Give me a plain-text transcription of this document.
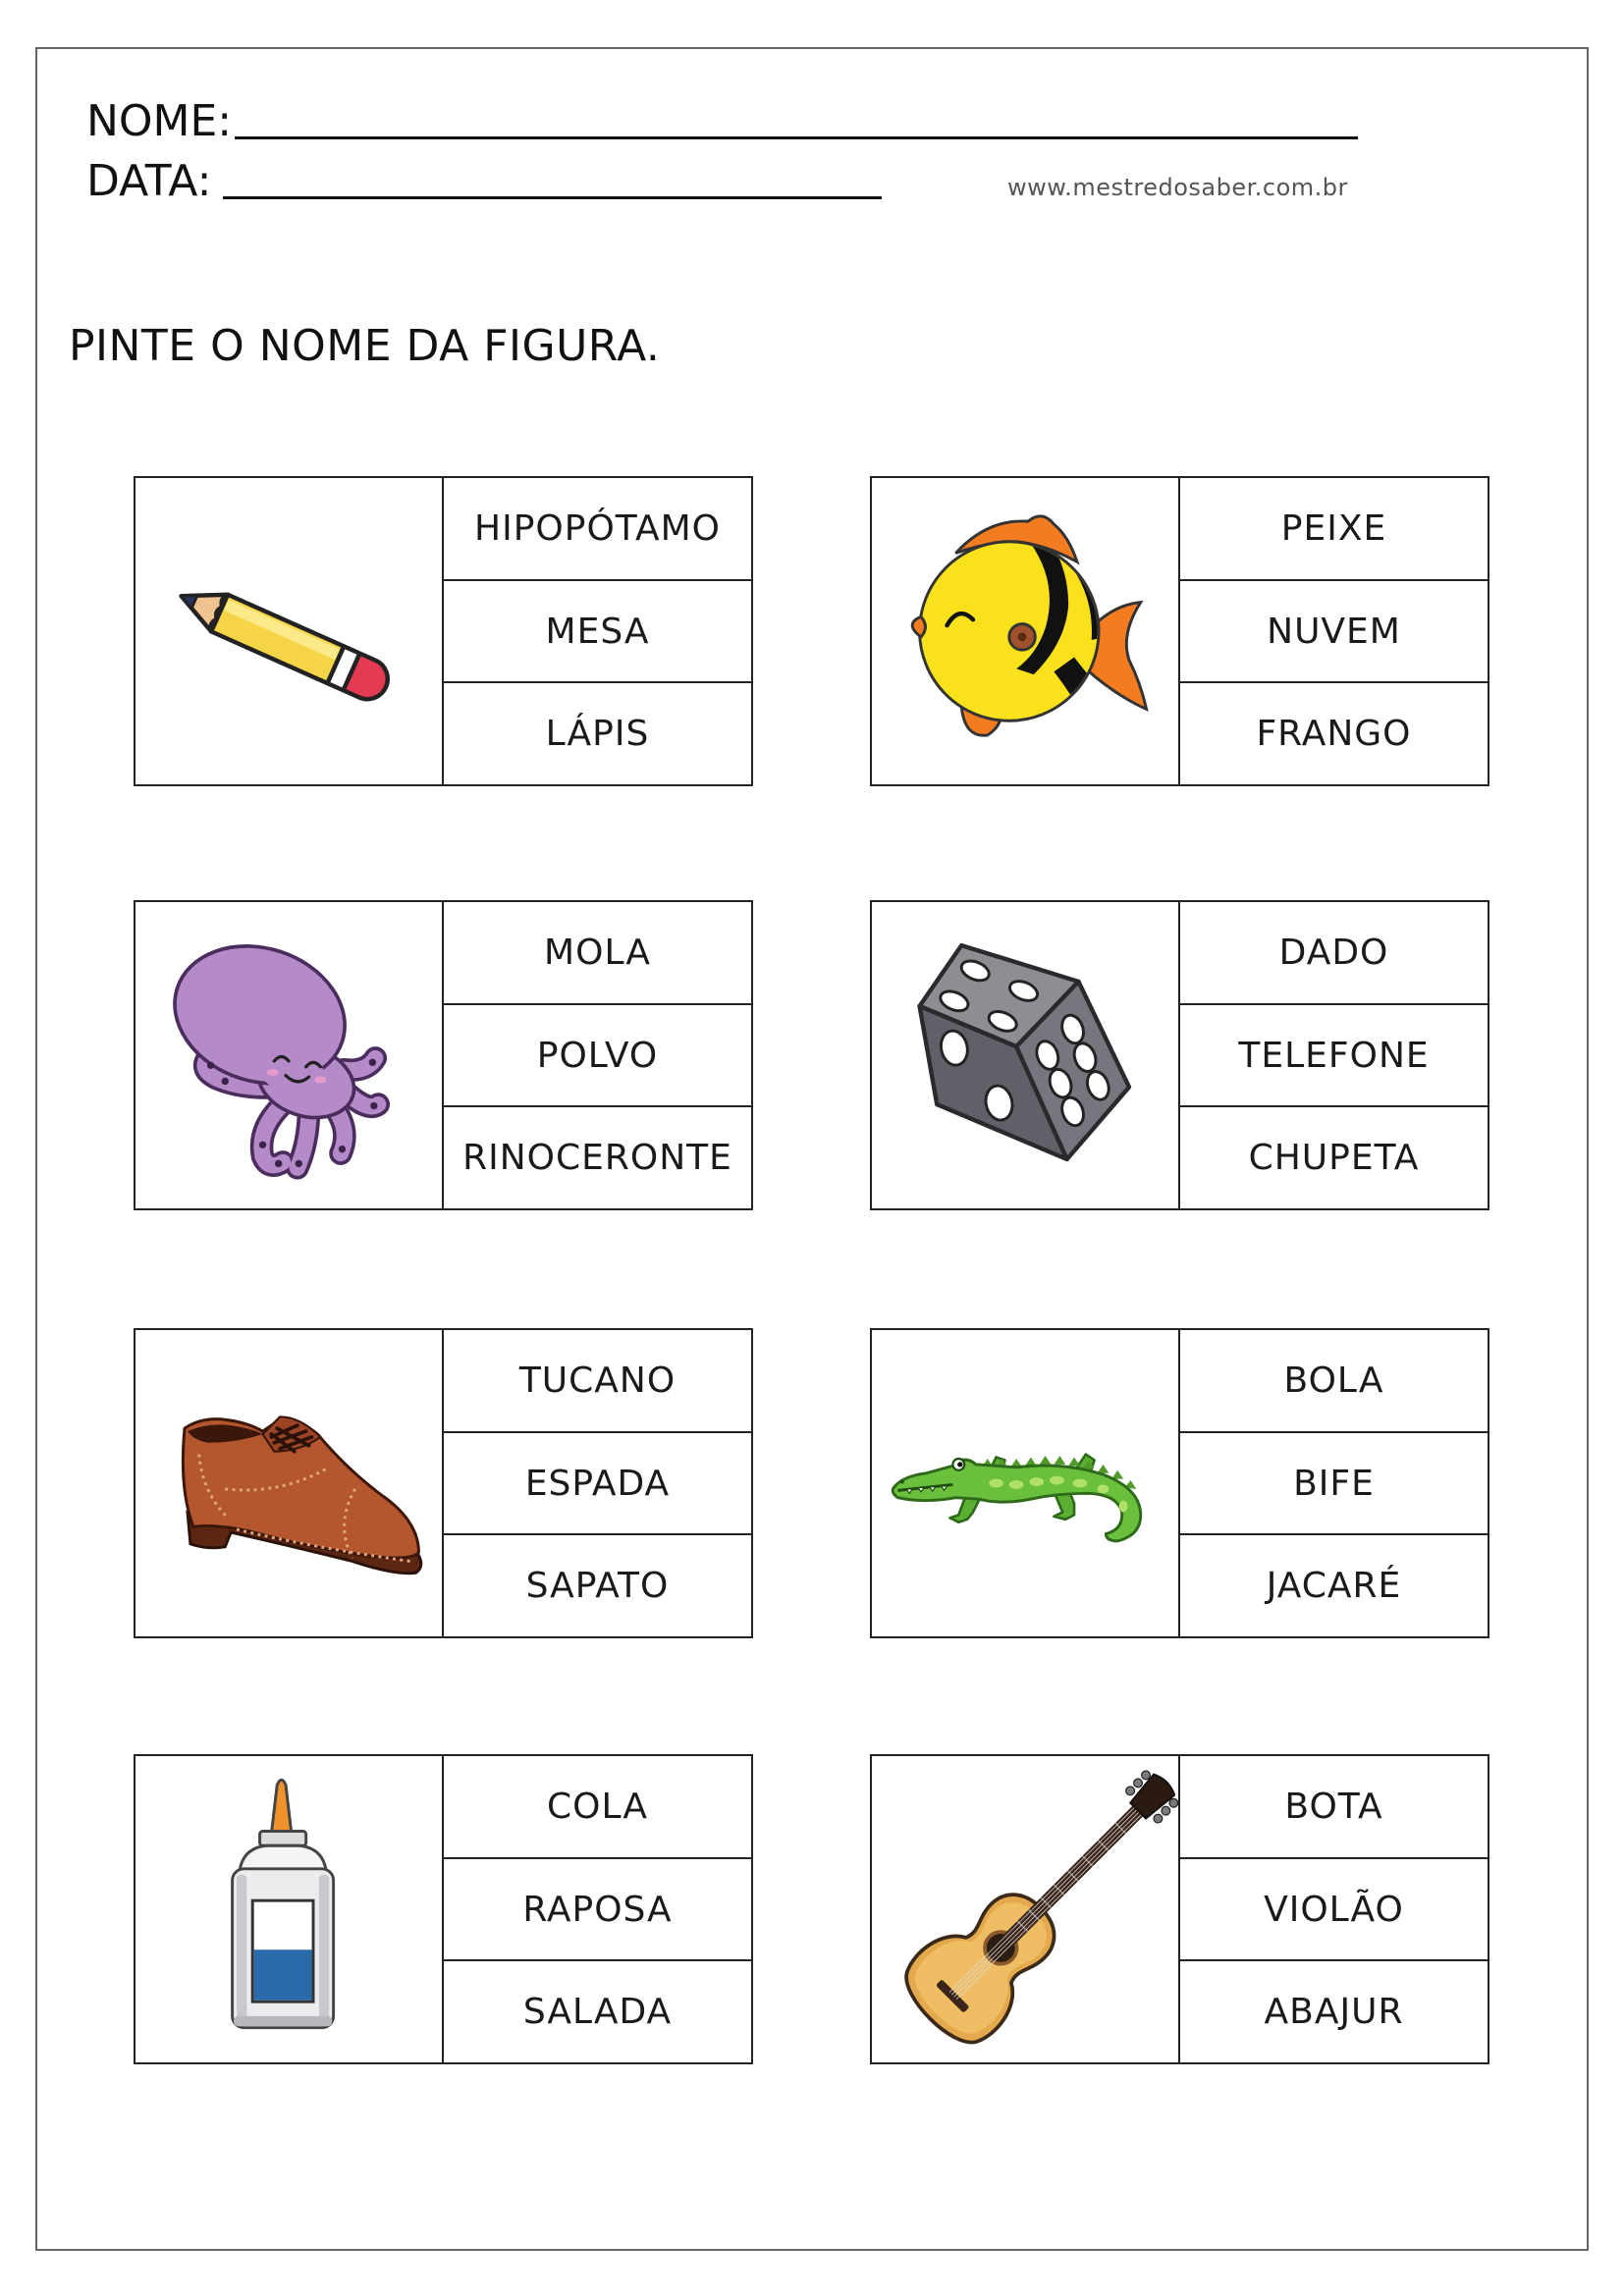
NOME:
DATA:	www.mestredosaber.com.br
PINTE O NOME DA FIGURA.
HIPOPÓTAMO
MESA
LÁPIS
PEIXE
NUVEM
FRANGO
MOLA
POLVO
RINOCERONTE
DADO
TELEFONE
CHUPETA
TUCANO
ESPADA
SAPATO
BOLA
BIFE
JACARÉ
COLA
RAPOSA
SALADA
BOTA
VIOLÃO
ABAJUR
